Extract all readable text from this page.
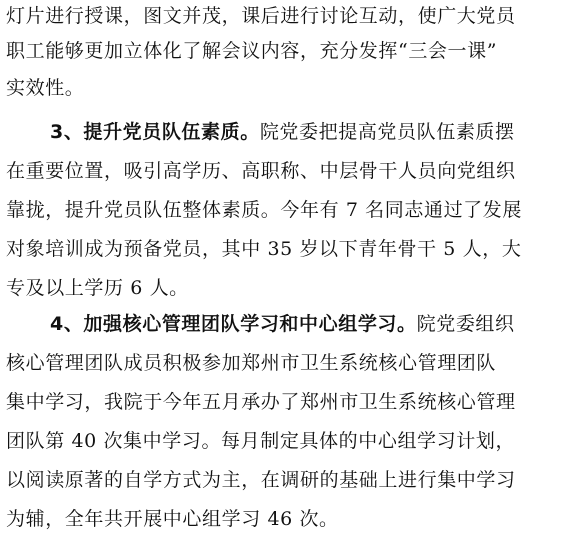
灯片进行授课，图文并茂，课后进行讨论互动，使广大党员
职工能够更加立体化了解会议内容，充分发挥“三会一课”
实效性。
3、提升党员队伍素质。院党委把提高党员队伍素质摆
在重要位置，吸引高学历、高职称、中层骨干人员向党组织
靠拢，提升党员队伍整体素质。今年有 7 名同志通过了发展
对象培训成为预备党员，其中 35 岁以下青年骨干 5 人，大
专及以上学历 6 人。
4、加强核心管理团队学习和中心组学习。院党委组织
核心管理团队成员积极参加郑州市卫生系统核心管理团队
集中学习，我院于今年五月承办了郑州市卫生系统核心管理
团队第 40 次集中学习。每月制定具体的中心组学习计划，
以阅读原著的自学方式为主，在调研的基础上进行集中学习
为辅，全年共开展中心组学习 46 次。
